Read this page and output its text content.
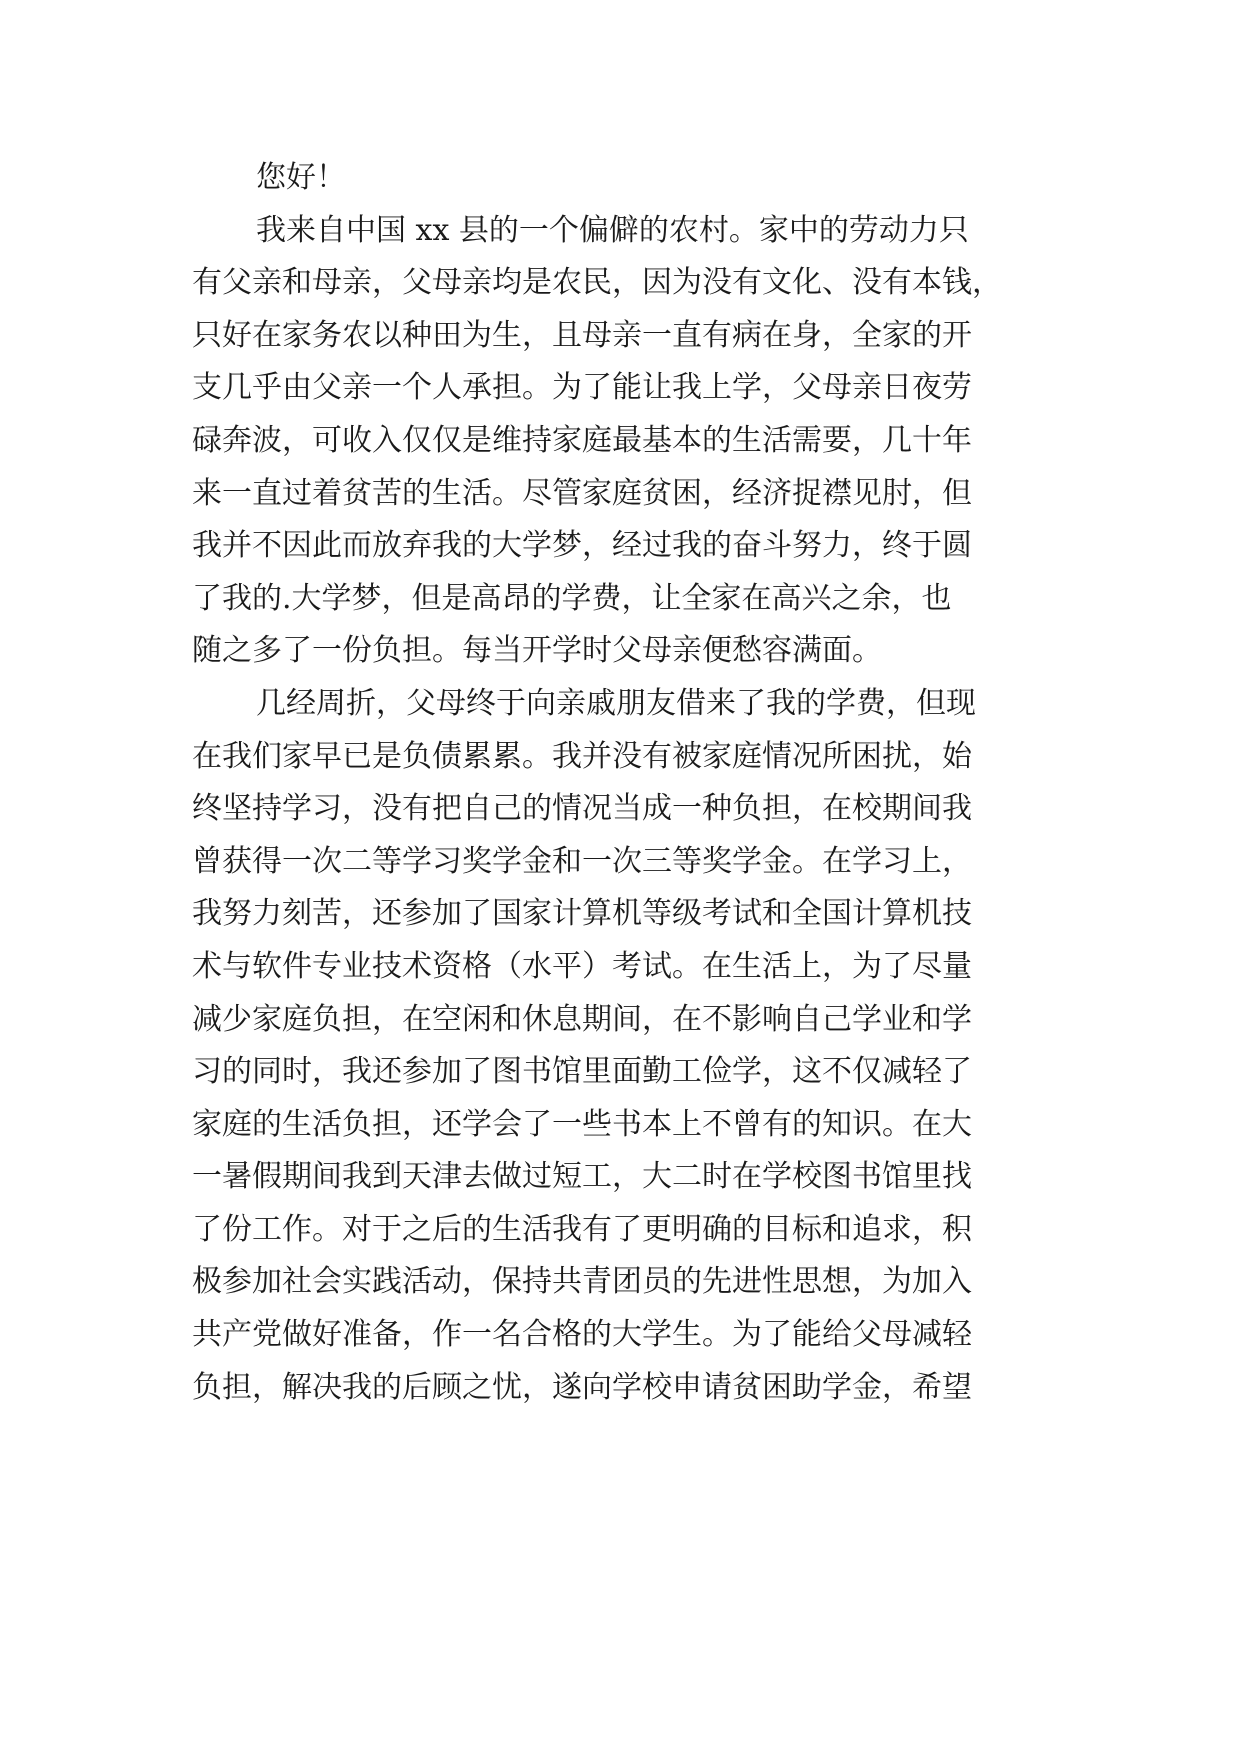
您好！
我来自中国 xx 县的一个偏僻的农村。家中的劳动力只
有父亲和母亲，父母亲均是农民，因为没有文化、没有本钱，
只好在家务农以种田为生，且母亲一直有病在身，全家的开
支几乎由父亲一个人承担。为了能让我上学，父母亲日夜劳
碌奔波，可收入仅仅是维持家庭最基本的生活需要，几十年
来一直过着贫苦的生活。尽管家庭贫困，经济捉襟见肘，但
我并不因此而放弃我的大学梦，经过我的奋斗努力，终于圆
了我的.大学梦，但是高昂的学费，让全家在高兴之余，也
随之多了一份负担。每当开学时父母亲便愁容满面。
几经周折，父母终于向亲戚朋友借来了我的学费，但现
在我们家早已是负债累累。我并没有被家庭情况所困扰，始
终坚持学习，没有把自己的情况当成一种负担，在校期间我
曾获得一次二等学习奖学金和一次三等奖学金。在学习上，
我努力刻苦，还参加了国家计算机等级考试和全国计算机技
术与软件专业技术资格（水平）考试。在生活上，为了尽量
减少家庭负担，在空闲和休息期间，在不影响自己学业和学
习的同时，我还参加了图书馆里面勤工俭学，这不仅减轻了
家庭的生活负担，还学会了一些书本上不曾有的知识。在大
一暑假期间我到天津去做过短工，大二时在学校图书馆里找
了份工作。对于之后的生活我有了更明确的目标和追求，积
极参加社会实践活动，保持共青团员的先进性思想，为加入
共产党做好准备，作一名合格的大学生。为了能给父母减轻
负担，解决我的后顾之忧，遂向学校申请贫困助学金，希望
